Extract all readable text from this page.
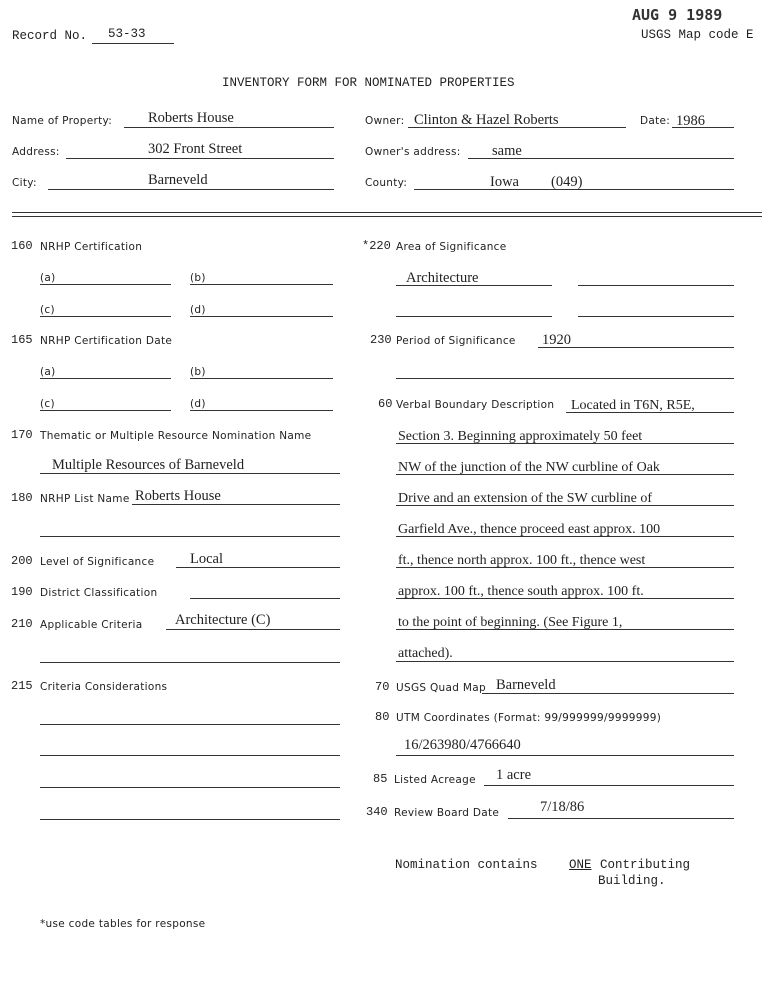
Record No. 53-33
AUG 9 1989
USGS Map code E
INVENTORY FORM FOR NOMINATED PROPERTIES
Name of Property: Roberts House	Owner: Clinton & Hazel Roberts	Date: 1986
Address:	302 Front Street	Owner's address: same
City:	Barneveld	County:	Iowa (049)
160 NRHP Certification
(a)	(b)
(c)	(d)
165 NRHP Certification Date
(a)	(b)
(c)	(d)
170 Thematic or Multiple Resource Nomination Name
Multiple Resources of Barneveld
180 NRHP List Name Roberts House
200 Level of Significance Local
190 District Classification
210 Applicable Criteria Architecture (C)
215 Criteria Considerations
*220 Area of Significance
Architecture
230 Period of Significance 1920
60 Verbal Boundary Description Located in T6N, R5E,
Section 3. Beginning approximately 50 feet
NW of the junction of the NW curbline of Oak
Drive and an extension of the SW curbline of
Garfield Ave., thence proceed east approx. 100
ft., thence north approx. 100 ft., thence west
approx. 100 ft., thence south approx. 100 ft.
to the point of beginning. (See Figure 1,
attached).
70 USGS Quad Map Barneveld
80 UTM Coordinates (Format: 99/999999/9999999)
16/263980/4766640
85 Listed Acreage 1 acre
340 Review Board Date	7/18/86
Nomination contains	ONE Contributing
Building.
*use code tables for response
